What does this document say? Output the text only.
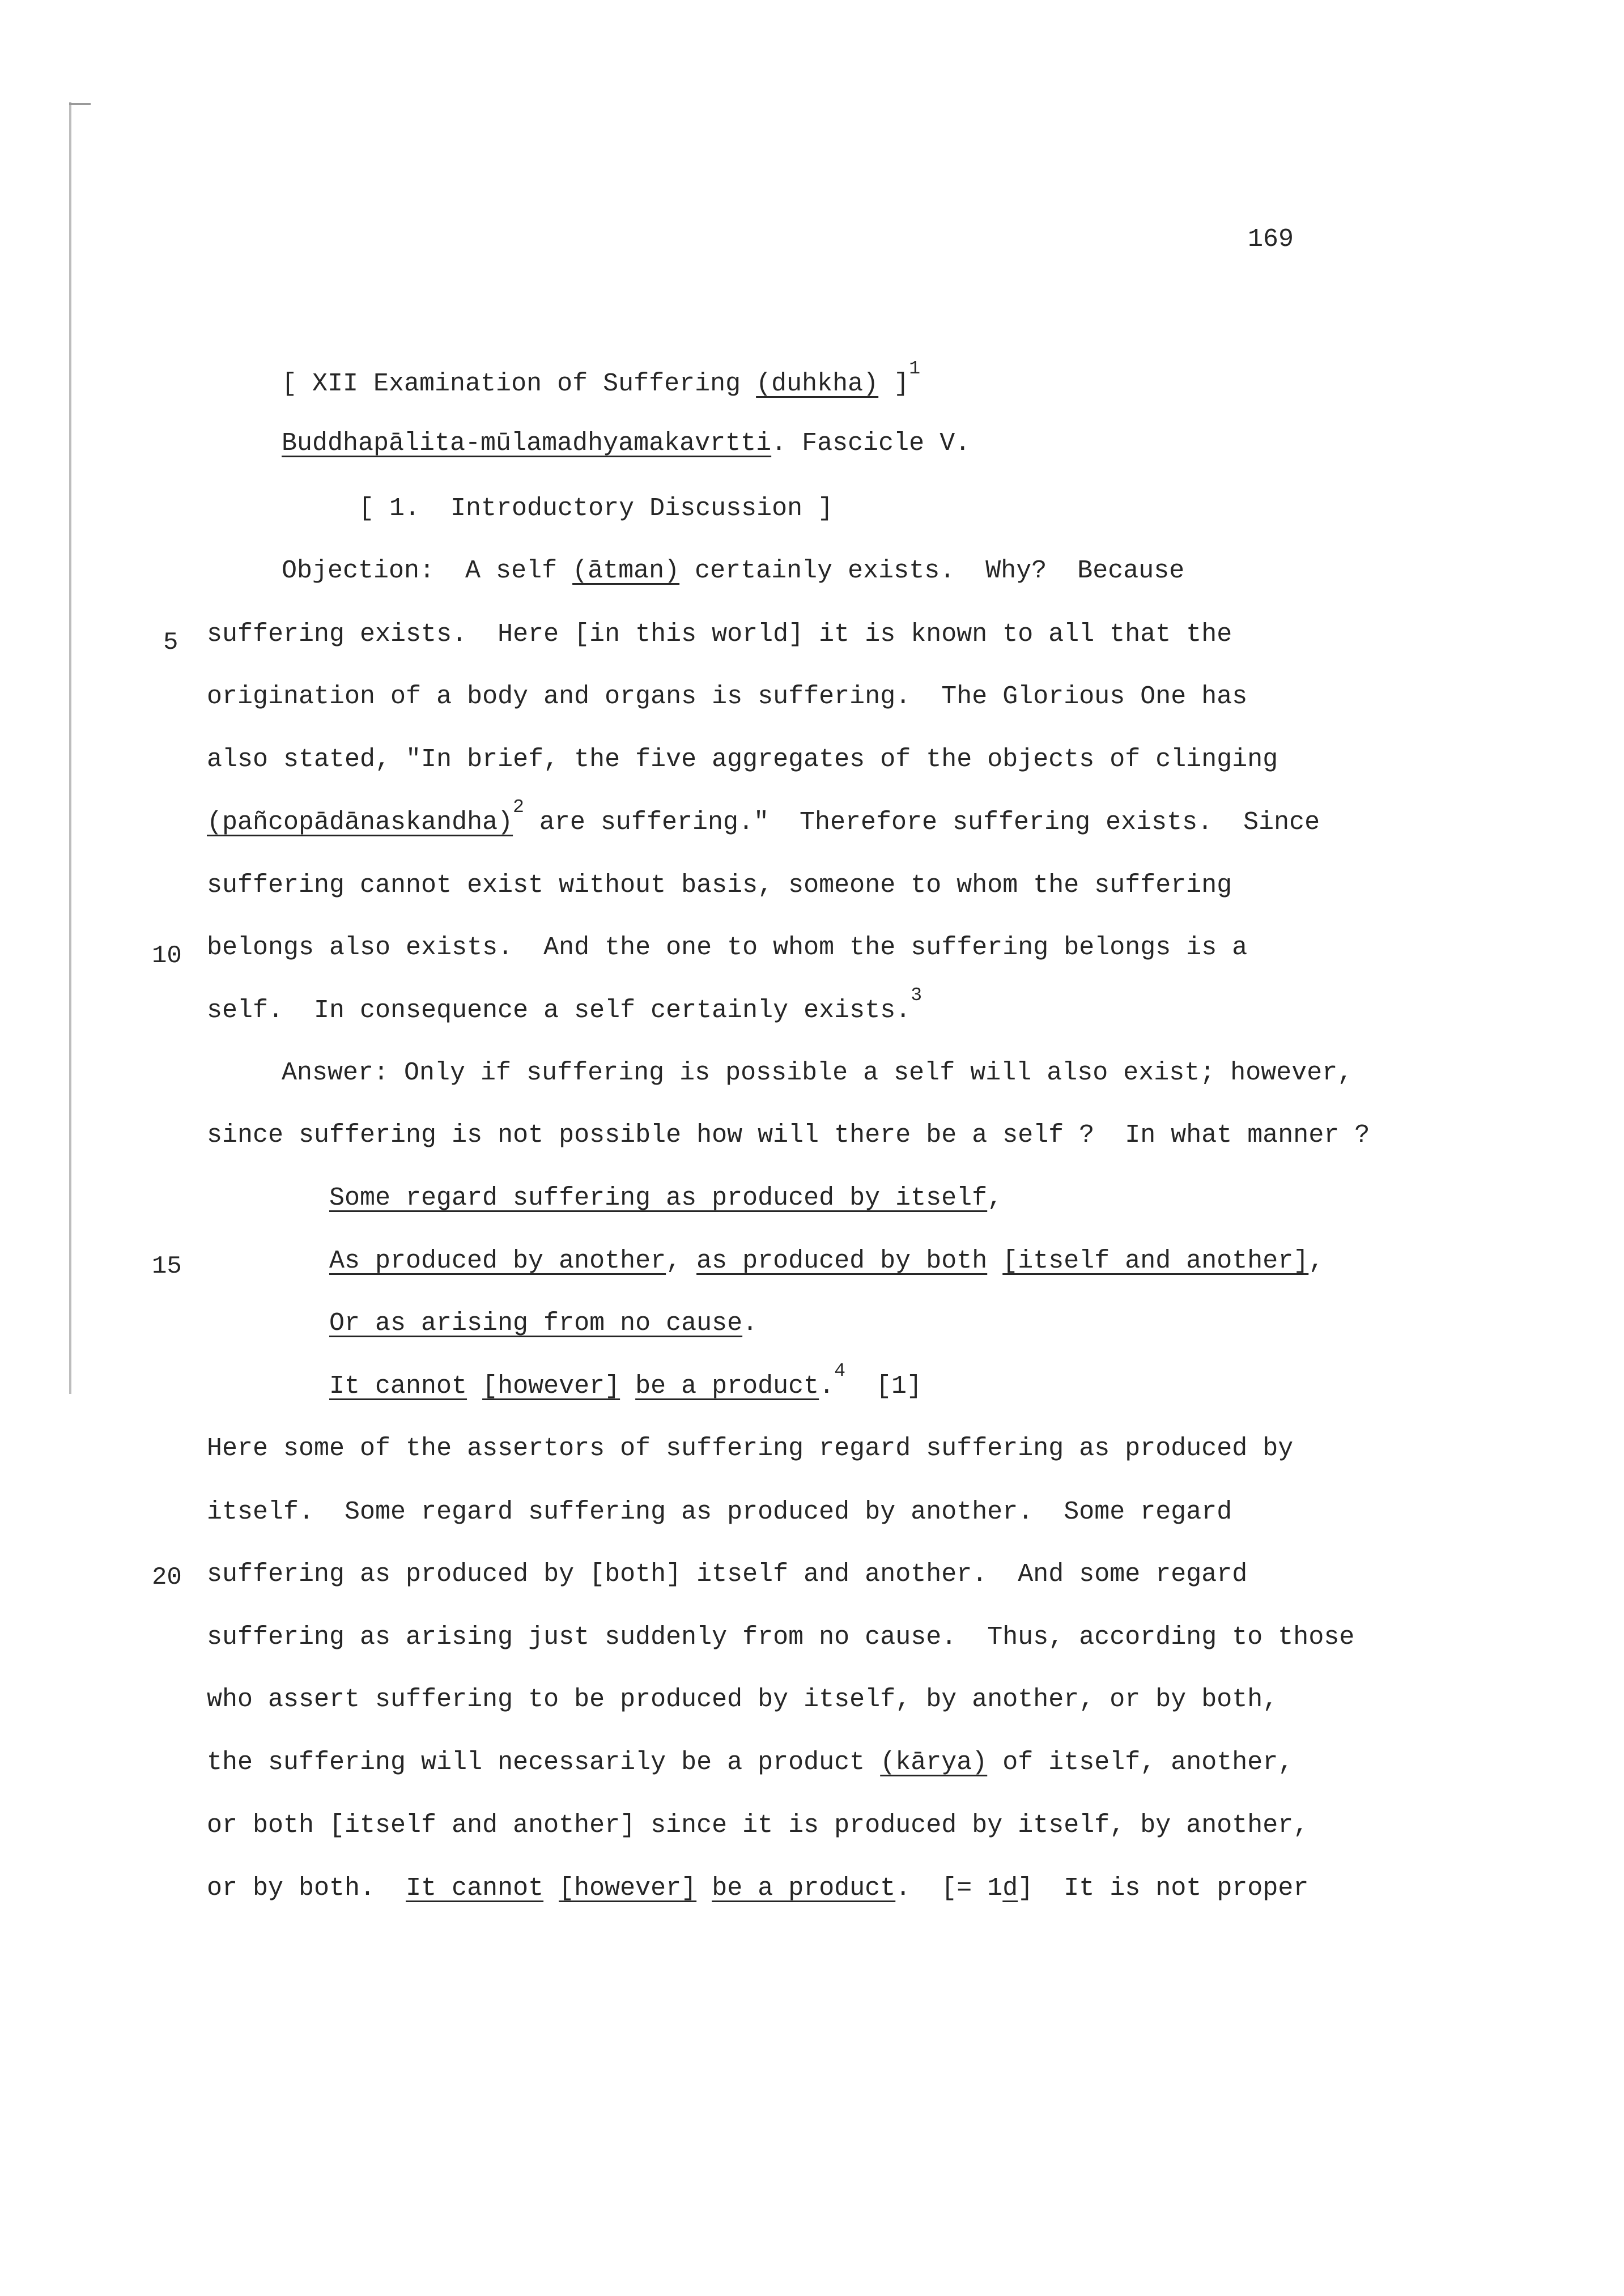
169
[ XII Examination of Suffering (duhkha) ]$^1$
Buddhapālita-mūlamadhyamakavrtti. Fascicle V.
[ 1.  Introductory Discussion ]
5
10
15
20
Objection:  A self (ātman) certainly exists.  Why?  Because
suffering exists.  Here [in this world] it is known to all that the
origination of a body and organs is suffering.  The Glorious One has
also stated, "In brief, the five aggregates of the objects of clinging
(pañcopādānaskandha)$^2$ are suffering."  Therefore suffering exists.  Since
suffering cannot exist without basis, someone to whom the suffering
belongs also exists.  And the one to whom the suffering belongs is a
self.  In consequence a self certainly exists.$^3$
Answer: Only if suffering is possible a self will also exist; however,
since suffering is not possible how will there be a self ?  In what manner ?
Some regard suffering as produced by itself,
As produced by another, as produced by both [itself and another],
Or as arising from no cause.
It cannot [however] be a product.$^4$  [1]
Here some of the assertors of suffering regard suffering as produced by
itself.  Some regard suffering as produced by another.  Some regard
suffering as produced by [both] itself and another.  And some regard
suffering as arising just suddenly from no cause.  Thus, according to those
who assert suffering to be produced by itself, by another, or by both,
the suffering will necessarily be a product (kārya) of itself, another,
or both [itself and another] since it is produced by itself, by another,
or by both.  It cannot [however] be a product.  [= 1d]  It is not proper
